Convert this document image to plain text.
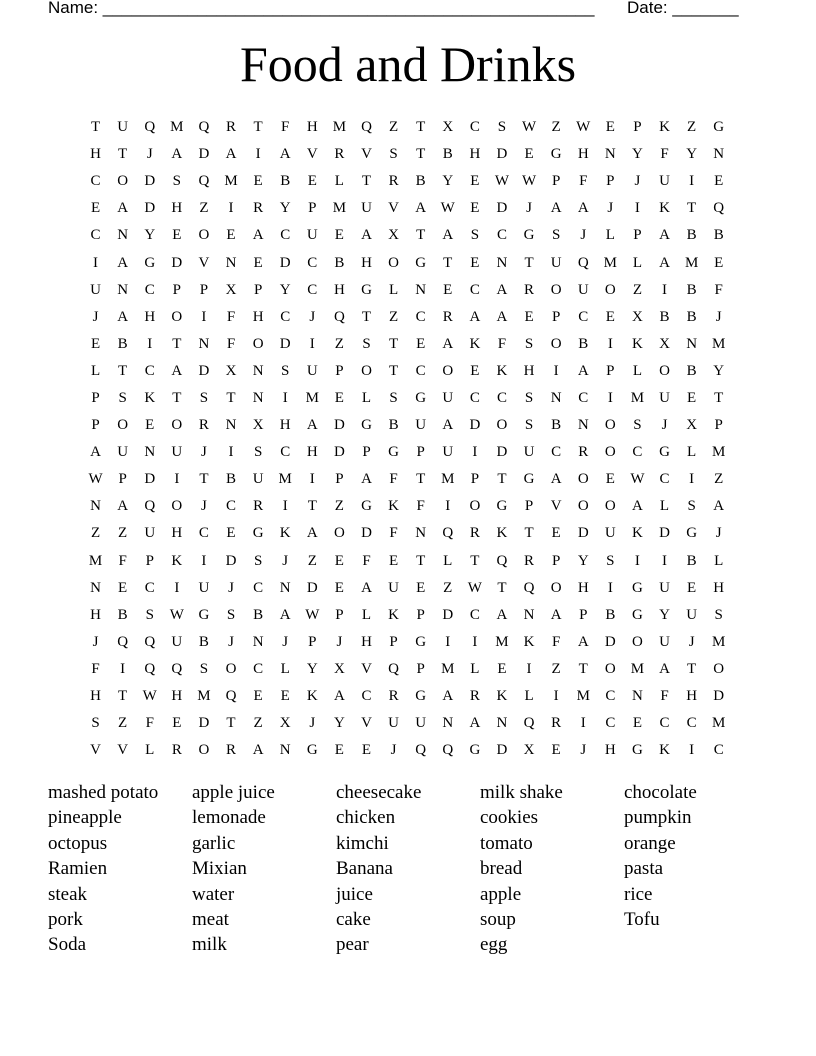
Name: ____________________________________________________ Date: _______
Food and Drinks
T	U	Q	M	Q	R	T	F	H	M	Q	Z	T	X	C	S	W	Z	W	E	P	K	Z	G
H	T	J	A	D	A	I	A	V	R	V	S	T	B	H	D	E	G	H	N	Y	F	Y	N
C	O	D	S	Q	M	E	B	E	L	T	R	B	Y	E	W W	P	F	P	J	U	I	E
E	A	D	H	Z	I	R	Y	P	M	U	V	A W	E	D	J	A	A	J	I	K	T	Q
C	N	Y	E	O	E	A	C	U	E	A	X	T	A	S	C	G	S	J	L	P	A	B	B
I	A	G	D	V	N	E	D	C	B	H	O	G	T	E	N	T	U	Q	M	L	A	M	E
U	N	C	P	P	X	P	Y	C	H	G	L	N	E	C	A	R	O	U	O	Z	I	B	F
J	A	H	O	I	F	H	C	J	Q	T	Z	C	R	A	A	E	P	C	E	X	B	B	J
E	B	I	T	N	F	O	D	I	Z	S	T	E	A	K	F	S	O	B	I	K	X	N	M
L	T	C	A	D	X	N	S	U	P	O	T	C	O	E	K	H	I	A	P	L	O	B	Y
P	S	K	T	S	T	N	I	M	E	L	S	G	U	C	C	S	N	C	I	M	U	E	T
P	O	E	O	R	N	X	H	A	D	G	B	U	A	D	O	S	B	N	O	S	J	X	P
A	U	N	U	J	I	S	C	H	D	P	G	P	U	I	D	U	C	R	O	C	G	L	M
W	P	D	I	T	B	U	M	I	P	A	F	T	M	P	T	G	A	O	E	W	C	I	Z
N	A	Q	O	J	C	R	I	T	Z	G	K	F	I	O	G	P	V	O	O	A	L	S	A
Z	Z	U	H	C	E	G	K	A	O	D	F	N	Q	R	K	T	E	D	U	K	D	G	J
M	F	P	K	I	D	S	J	Z	E	F	E	T	L	T	Q	R	P	Y	S	I	I	B	L
N	E	C	I	U	J	C	N	D	E	A	U	E	Z	W	T	Q	O	H	I	G	U	E	H
H	B	S	W G	S	B	A W	P	L	K	P	D	C	A	N	A	P	B	G	Y	U	S
J	Q	Q	U	B	J	N	J	P	J	H	P	G	I	I	M	K	F	A	D	O	U	J	M
F	I	Q	Q	S	O	C	L	Y	X	V	Q	P	M	L	E	I	Z	T	O	M	A	T	O
H	T	W H	M	Q	E	E	K	A	C	R	G	A	R	K	L	I	M	C	N	F	H	D
S	Z	F	E	D	T	Z	X	J	Y	V	U	U	N	A	N	Q	R	I	C	E	C	C	M
V	V	L	R	O	R	A	N	G	E	E	J	Q	Q	G	D	X	E	J	H	G	K	I	C
mashed potato	apple juice	cheesecake	milk shake	chocolate
pineapple	lemonade	chicken	cookies	pumpkin
octopus	garlic	kimchi	tomato	orange
Ramien	Mixian	Banana	bread	pasta
steak	water	juice	apple	rice
pork	meat	cake	soup	Tofu
Soda	milk	pear	egg
